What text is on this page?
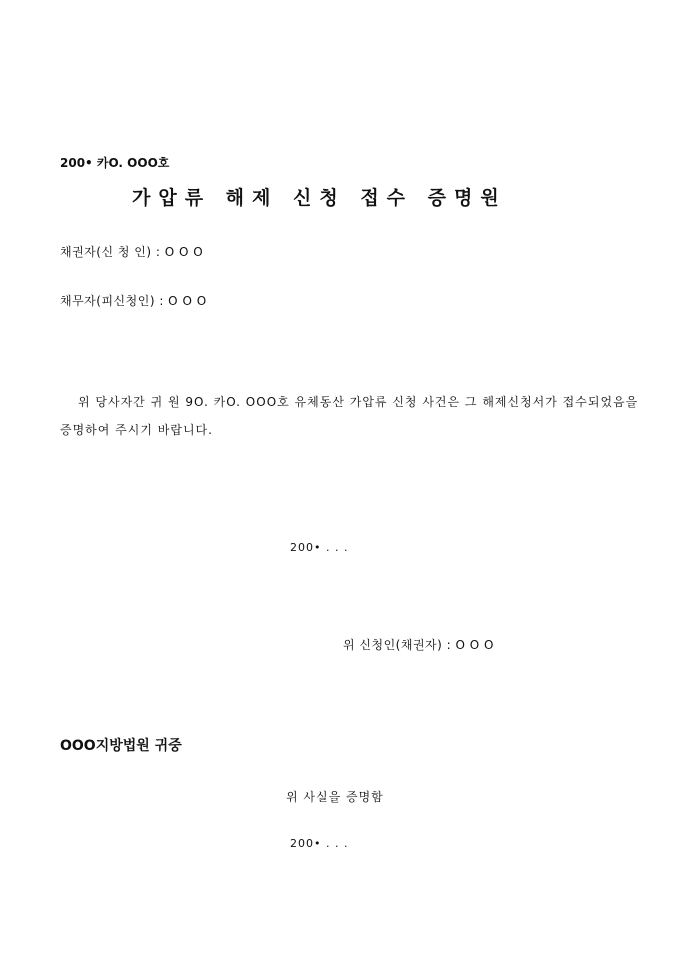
200• 카O. OOO호

가압류 해제 신청 접수 증명원

채권자(신 청 인) : O O O

채무자(피신청인) : O O O

위 당사자간 귀 원 9O. 카O. OOO호 유체동산 가압류 신청 사건은 그 해제신청서가 접수되었음을 증명하여 주시기 바랍니다.

200• . . .

위 신청인(채권자) : O O O

OOO지방법원 귀중

위 사실을 증명함

200• . . .
